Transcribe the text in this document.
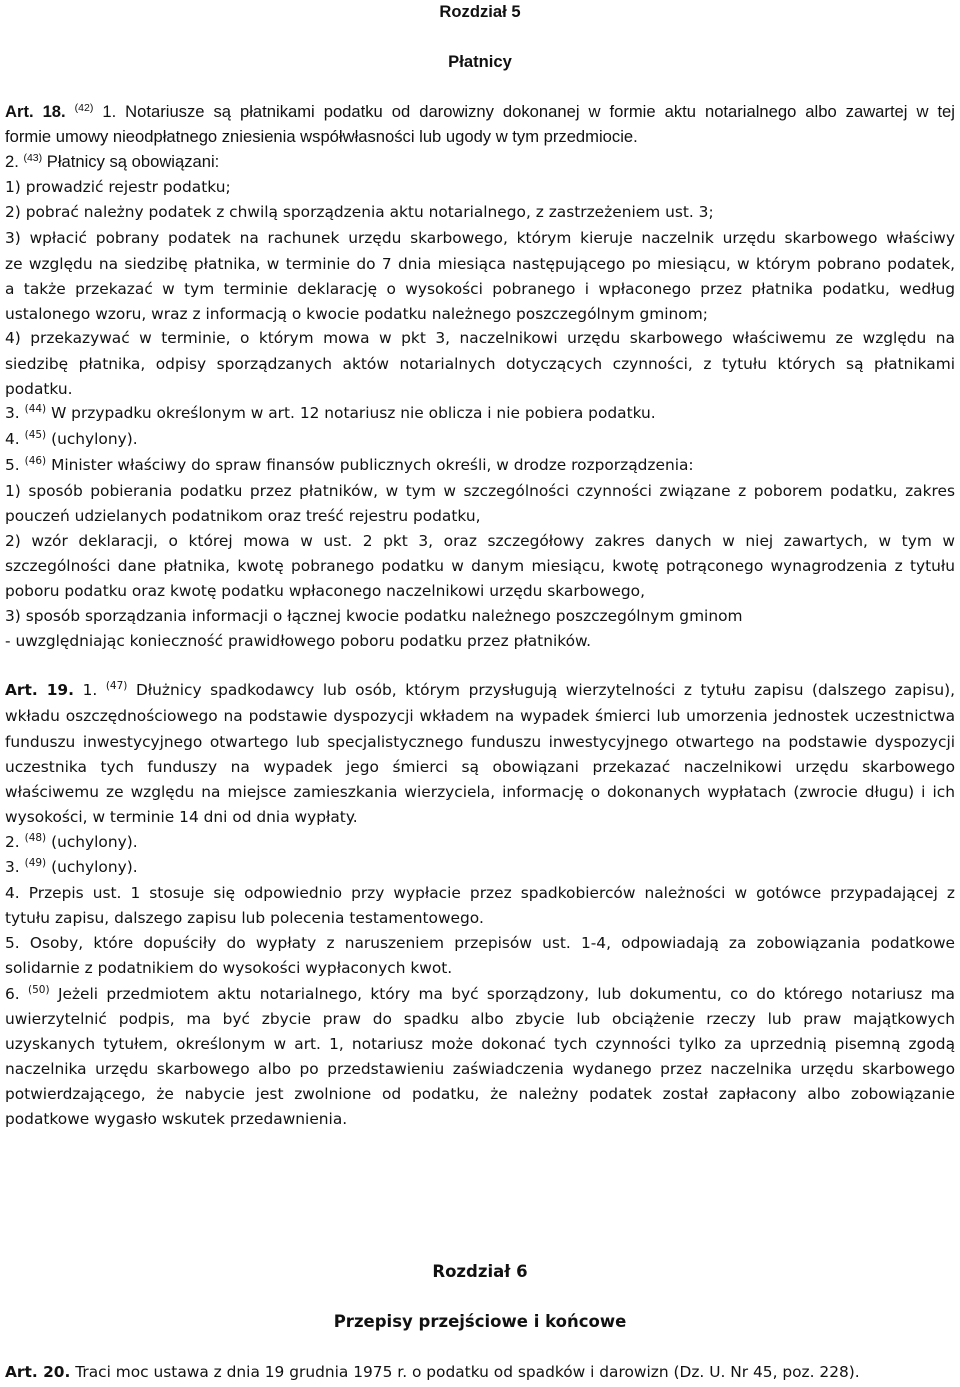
Rozdział 5
Płatnicy
Art. 18. $^{(42)}$ 1. Notariusze są płatnikami podatku od darowizny dokonanej w formie aktu notarialnego albo zawartej w tej
formie umowy nieodpłatnego zniesienia współwłasności lub ugody w tym przedmiocie.
2. $^{(43)}$ Płatnicy są obowiązani:
1) prowadzić rejestr podatku;
2) pobrać należny podatek z chwilą sporządzenia aktu notarialnego, z zastrzeżeniem ust. 3;
3) wpłacić pobrany podatek na rachunek urzędu skarbowego, którym kieruje naczelnik urzędu skarbowego właściwy
ze względu na siedzibę płatnika, w terminie do 7 dnia miesiąca następującego po miesiącu, w którym pobrano podatek,
a także przekazać w tym terminie deklarację o wysokości pobranego i wpłaconego przez płatnika podatku, według
ustalonego wzoru, wraz z informacją o kwocie podatku należnego poszczególnym gminom;
4) przekazywać w terminie, o którym mowa w pkt 3, naczelnikowi urzędu skarbowego właściwemu ze względu na
siedzibę płatnika, odpisy sporządzanych aktów notarialnych dotyczących czynności, z tytułu których są płatnikami
podatku.
3. $^{(44)}$ W przypadku określonym w art. 12 notariusz nie oblicza i nie pobiera podatku.
4. $^{(45)}$ (uchylony).
5. $^{(46)}$ Minister właściwy do spraw finansów publicznych określi, w drodze rozporządzenia:
1) sposób pobierania podatku przez płatników, w tym w szczególności czynności związane z poborem podatku, zakres
pouczeń udzielanych podatnikom oraz treść rejestru podatku,
2) wzór deklaracji, o której mowa w ust. 2 pkt 3, oraz szczegółowy zakres danych w niej zawartych, w tym w
szczególności dane płatnika, kwotę pobranego podatku w danym miesiącu, kwotę potrąconego wynagrodzenia z tytułu
poboru podatku oraz kwotę podatku wpłaconego naczelnikowi urzędu skarbowego,
3) sposób sporządzania informacji o łącznej kwocie podatku należnego poszczególnym gminom
- uwzględniając konieczność prawidłowego poboru podatku przez płatników.
Art. 19. 1. $^{(47)}$ Dłużnicy spadkodawcy lub osób, którym przysługują wierzytelności z tytułu zapisu (dalszego zapisu),
wkładu oszczędnościowego na podstawie dyspozycji wkładem na wypadek śmierci lub umorzenia jednostek uczestnictwa
funduszu inwestycyjnego otwartego lub specjalistycznego funduszu inwestycyjnego otwartego na podstawie dyspozycji
uczestnika tych funduszy na wypadek jego śmierci są obowiązani przekazać naczelnikowi urzędu skarbowego
właściwemu ze względu na miejsce zamieszkania wierzyciela, informację o dokonanych wypłatach (zwrocie długu) i ich
wysokości, w terminie 14 dni od dnia wypłaty.
2. $^{(48)}$ (uchylony).
3. $^{(49)}$ (uchylony).
4. Przepis ust. 1 stosuje się odpowiednio przy wypłacie przez spadkobierców należności w gotówce przypadającej z
tytułu zapisu, dalszego zapisu lub polecenia testamentowego.
5. Osoby, które dopuściły do wypłaty z naruszeniem przepisów ust. 1-4, odpowiadają za zobowiązania podatkowe
solidarnie z podatnikiem do wysokości wypłaconych kwot.
6. $^{(50)}$ Jeżeli przedmiotem aktu notarialnego, który ma być sporządzony, lub dokumentu, co do którego notariusz ma
uwierzytelnić podpis, ma być zbycie praw do spadku albo zbycie lub obciążenie rzeczy lub praw majątkowych
uzyskanych tytułem, określonym w art. 1, notariusz może dokonać tych czynności tylko za uprzednią pisemną zgodą
naczelnika urzędu skarbowego albo po przedstawieniu zaświadczenia wydanego przez naczelnika urzędu skarbowego
potwierdzającego, że nabycie jest zwolnione od podatku, że należny podatek został zapłacony albo zobowiązanie
podatkowe wygasło wskutek przedawnienia.
Rozdział 6
Przepisy przejściowe i końcowe
Art. 20. Traci moc ustawa z dnia 19 grudnia 1975 r. o podatku od spadków i darowizn (Dz. U. Nr 45, poz. 228).
